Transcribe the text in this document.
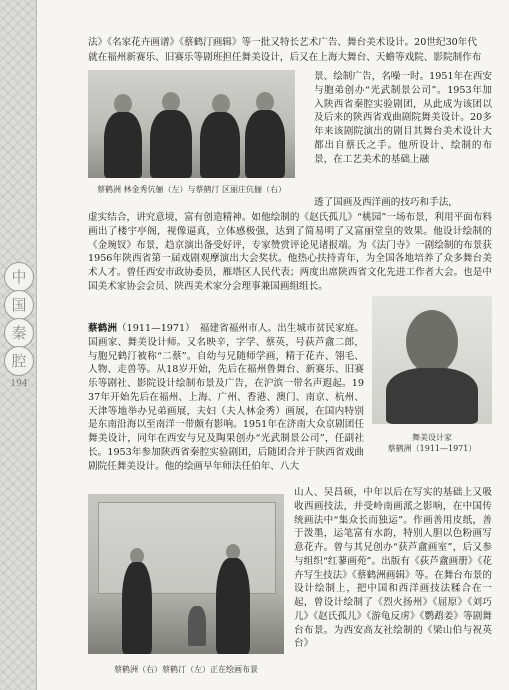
中
国
秦
腔
194

法》《名家花卉画谱》《蔡鹤汀画辑》等一批又特长艺术广告、舞台美术设计。20世纪30年代

就在福州新赛乐、旧赛乐等剧班担任舞美设计，后又在上海大舞台、天蟾等戏院、影院制作布

蔡鹤洲 林金秀伉俪（左）与蔡鹤汀 区丽庄伉俪（右）

景、绘制广告，名噪一时。1951年在西安与胞弟创办“光武制景公司”。1953年加入陕西省秦腔实验剧团，从此成为该团以及后来的陕西省戏曲剧院舞美设计。20多年来该剧院演出的剧目其舞台美术设计大都出自蔡氏之手。他所设计、绘制的布景，在工艺美术的基础上融

透了国画及西洋画的技巧和手法，

虚实结合，讲究意境，富有创造精神。如他绘制的《赵氏孤儿》“桃园”一场布景，利用平面布料画出了楼宇亭阁，视像逼真，立体感极强，达到了简易明了又富丽堂皇的效果。他设计绘制的《金琬钗》布景，趋京演出备受好评，专家赞赏评论见诸报端。为《法门寺》一剧绘制的布景获1956年陕西省第一届戏剧观摩演出大会奖状。他热心扶持青年，为全国各地培养了众多舞台美术人才。曾任西安市政协委员，雁塔区人民代表；两度出席陕西省文化先进工作者大会。也是中国美术家协会会员、陕西美术家分会理事兼国画组组长。

舞美设计家
蔡鹤洲（1911—1971）

蔡鹤洲（1911—1971）　 福建省福州市人。出生城市贫民家庭。国画家、舞美设计师。又名映辛，字学、蔡英，号荻芦盦二郎，与胞兄鹤汀被称“二蔡”。自幼与兄随师学画，精于花卉、翎毛、人物、走兽等。从18岁开始，先后在福州鲁舞台、新赛乐、旧赛乐等剧社、影院设计绘制布景及广告，在沪滨一带名声遐起。1937年开始先后在福州、上海、广州、香港、澳门、南京、杭州、天津等地举办兄弟画展，夫妇（夫人林金秀）画展，在国内特别是东南沿海以至南洋一带颇有影响。1951年在济南大众京剧团任舞美设计，同年在西安与兄及陶果创办“光武制景公司”，任副社长。1953年参加陕西省秦腔实验剧团，后随团合并于陕西省戏曲剧院任舞美设计。他的绘画早年师法任伯年、八大

蔡鹤洲（右）蔡鹤汀（左）正在绘画布景

山人、吴昌硕，中年以后在写实的基础上又吸收西画技法，并受岭南画派之影响，在中国传统画法中“集众长而独运”。作画善用皮纸，善于泼墨，运笔富有水韵，特别人胆以色粉画写意花卉。曾与其兄创办“获芦盦画室”，后又参与组织“红蓼画苑”。出版有《荻芦盦画册》《花卉写生技法》《蔡鹤洲画辑》等。在舞台布景的设计绘制上，把中国和西洋画技法糅合在一起，曾设计绘制了《烈火扬州》《屈原》《刘巧儿》《赵氏孤儿》《游龟反虏》《鹦鹉姜》等剧舞台布景。为西安高友社绘制的《梁山伯与祝英台》
